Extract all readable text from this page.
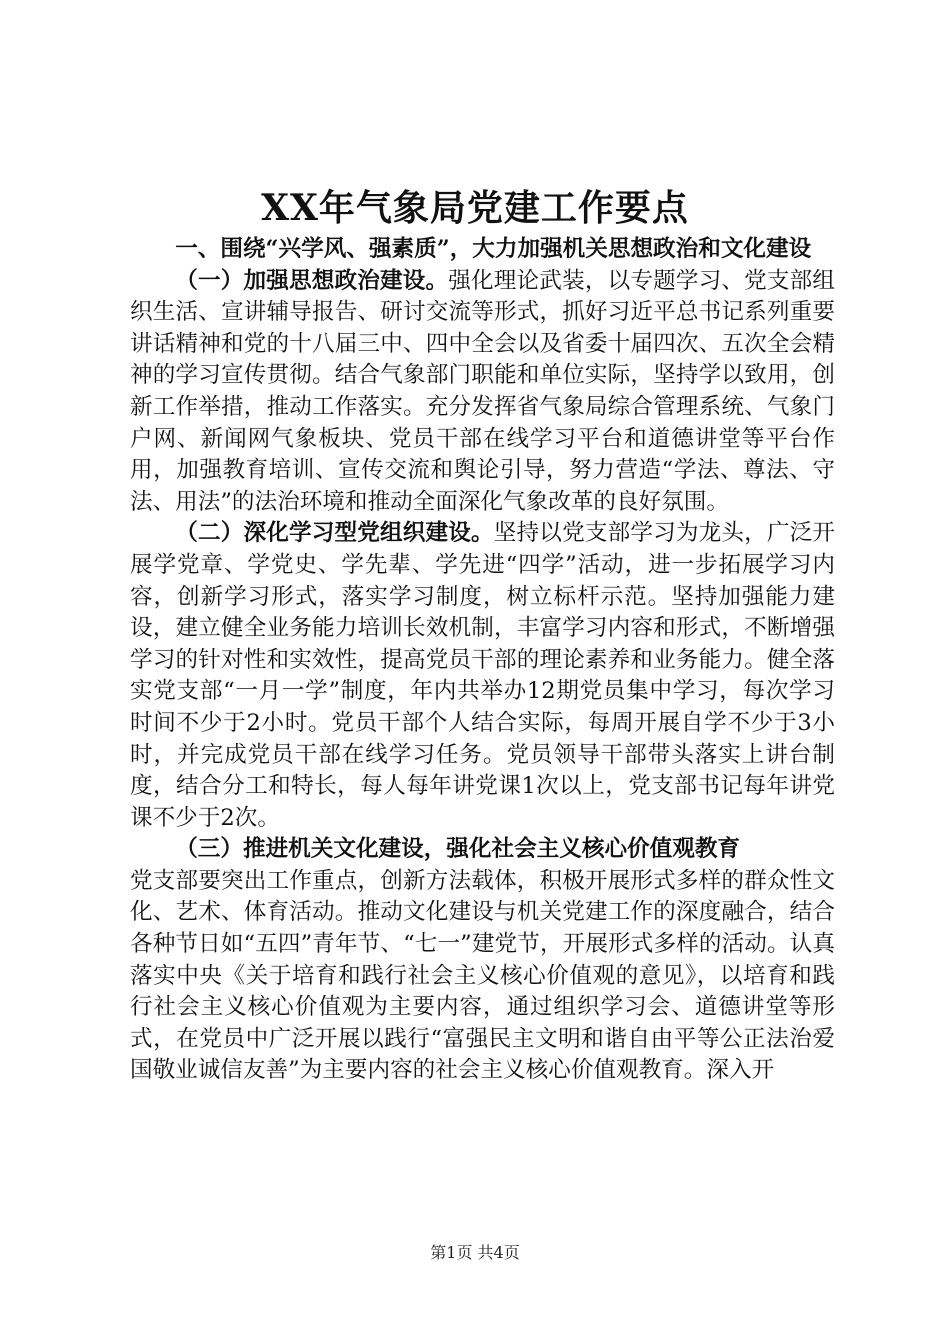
XX年气象局党建工作要点

一、围绕“兴学风、强素质”，大力加强机关思想政治和文化建设

（一）加强思想政治建设。强化理论武装，以专题学习、党支部组织生活、宣讲辅导报告、研讨交流等形式，抓好习近平总书记系列重要讲话精神和党的十八届三中、四中全会以及省委十届四次、五次全会精神的学习宣传贯彻。结合气象部门职能和单位实际，坚持学以致用，创新工作举措，推动工作落实。充分发挥省气象局综合管理系统、气象门户网、新闻网气象板块、党员干部在线学习平台和道德讲堂等平台作用，加强教育培训、宣传交流和舆论引导，努力营造“学法、尊法、守法、用法”的法治环境和推动全面深化气象改革的良好氛围。

（二）深化学习型党组织建设。坚持以党支部学习为龙头，广泛开展学党章、学党史、学先辈、学先进“四学”活动，进一步拓展学习内容，创新学习形式，落实学习制度，树立标杆示范。坚持加强能力建设，建立健全业务能力培训长效机制，丰富学习内容和形式，不断增强学习的针对性和实效性，提高党员干部的理论素养和业务能力。健全落实党支部“一月一学”制度，年内共举办12期党员集中学习，每次学习时间不少于2小时。党员干部个人结合实际，每周开展自学不少于3小时，并完成党员干部在线学习任务。党员领导干部带头落实上讲台制度，结合分工和特长，每人每年讲党课1次以上，党支部书记每年讲党课不少于2次。

（三）推进机关文化建设，强化社会主义核心价值观教育
党支部要突出工作重点，创新方法载体，积极开展形式多样的群众性文化、艺术、体育活动。推动文化建设与机关党建工作的深度融合，结合各种节日如“五四”青年节、“七一”建党节，开展形式多样的活动。认真落实中央《关于培育和践行社会主义核心价值观的意见》，以培育和践行社会主义核心价值观为主要内容，通过组织学习会、道德讲堂等形式，在党员中广泛开展以践行“富强民主文明和谐自由平等公正法治爱国敬业诚信友善”为主要内容的社会主义核心价值观教育。深入开

第1页 共4页
